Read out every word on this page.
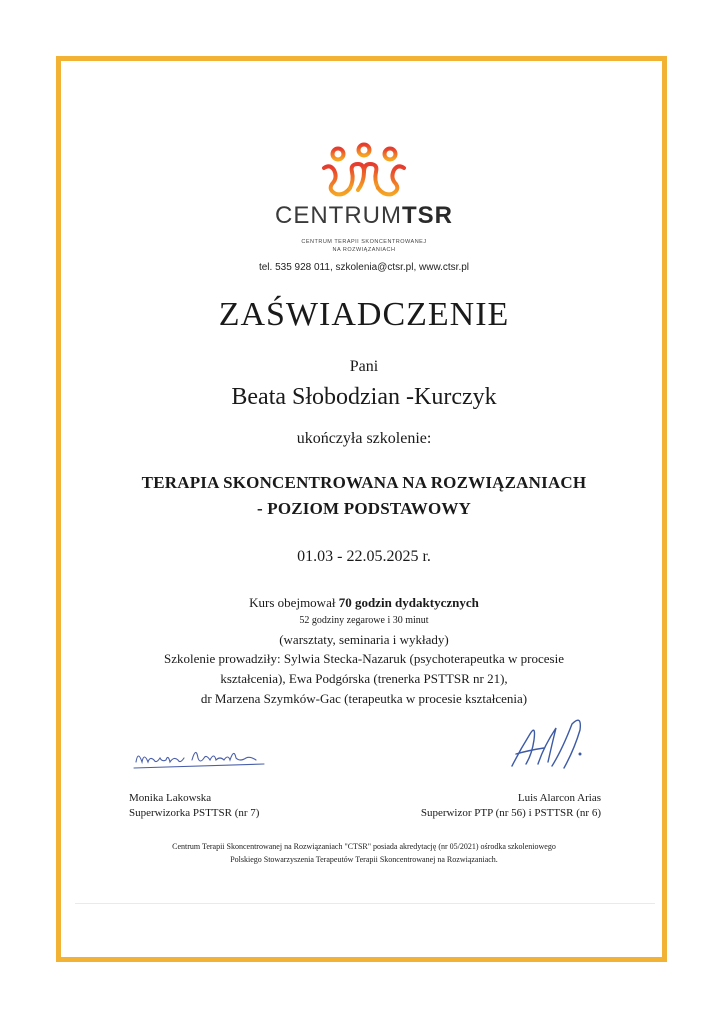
CENTRUMTSR
CENTRUM TERAPII SKONCENTROWANEJ
NA ROZWIĄZANIACH
tel. 535 928 011, szkolenia@ctsr.pl, www.ctsr.pl
ZAŚWIADCZENIE
Pani
Beata Słobodzian -Kurczyk
ukończyła szkolenie:
TERAPIA SKONCENTROWANA NA ROZWIĄZANIACH
- POZIOM PODSTAWOWY
01.03 - 22.05.2025 r.
Kurs obejmował 70 godzin dydaktycznych
52 godziny zegarowe i 30 minut
(warsztaty, seminaria i wykłady)
Szkolenie prowadziły: Sylwia Stecka-Nazaruk (psychoterapeutka w procesie
kształcenia), Ewa Podgórska (trenerka PSTTSR nr 21),
dr Marzena Szymków-Gac (terapeutka w procesie kształcenia)
Monika Lakowska
Superwizorka PSTTSR (nr 7)
Luis Alarcon Arias
Superwizor PTP (nr 56) i PSTTSR (nr 6)
Centrum Terapii Skoncentrowanej na Rozwiązaniach "CTSR" posiada akredytację (nr 05/2021) ośrodka szkoleniowego
Polskiego Stowarzyszenia Terapeutów Terapii Skoncentrowanej na Rozwiązaniach.
